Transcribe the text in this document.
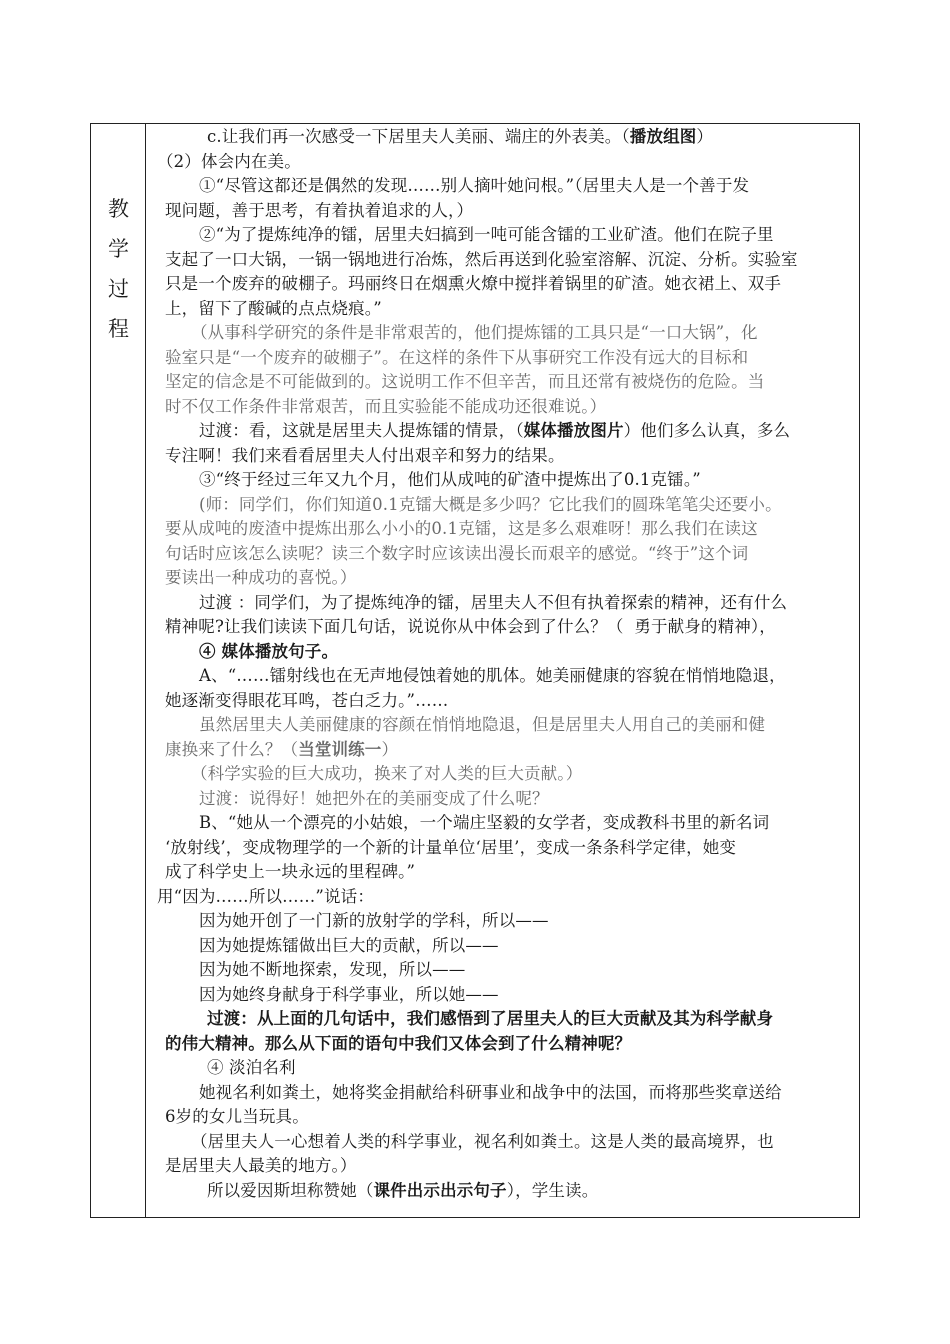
教
学
过
程
c.让我们再一次感受一下居里夫人美丽、端庄的外表美。（播放组图）
（2）体会内在美。
①“尽管这都还是偶然的发现……别人摘叶她问根。”（居里夫人是一个善于发
现问题，善于思考，有着执着追求的人，）
②“为了提炼纯净的镭，居里夫妇搞到一吨可能含镭的工业矿渣。他们在院子里
支起了一口大锅，一锅一锅地进行冶炼，然后再送到化验室溶解、沉淀、分析。实验室
只是一个废弃的破棚子。玛丽终日在烟熏火燎中搅拌着锅里的矿渣。她衣裙上、双手
上，留下了酸碱的点点烧痕。”
（从事科学研究的条件是非常艰苦的，他们提炼镭的工具只是“一口大锅”，化
验室只是“一个废弃的破棚子”。在这样的条件下从事研究工作没有远大的目标和
坚定的信念是不可能做到的。这说明工作不但辛苦，而且还常有被烧伤的危险。当
时不仅工作条件非常艰苦，而且实验能不能成功还很难说。）
过渡：看，这就是居里夫人提炼镭的情景，（媒体播放图片）他们多么认真，多么
专注啊！我们来看看居里夫人付出艰辛和努力的结果。
③“终于经过三年又九个月，他们从成吨的矿渣中提炼出了0.1克镭。”
(师：同学们，你们知道0.1克镭大概是多少吗？它比我们的圆珠笔笔尖还要小。
要从成吨的废渣中提炼出那么小小的0.1克镭，这是多么艰难呀！那么我们在读这
句话时应该怎么读呢？读三个数字时应该读出漫长而艰辛的感觉。“终于”这个词
要读出一种成功的喜悦。）
过渡 ：同学们，为了提炼纯净的镭，居里夫人不但有执着探索的精神，还有什么
精神呢?让我们读读下面几句话，说说你从中体会到了什么？（  勇于献身的精神），
④ 媒体播放句子。
A、“……镭射线也在无声地侵蚀着她的肌体。她美丽健康的容貌在悄悄地隐退，
她逐渐变得眼花耳鸣，苍白乏力。”……
虽然居里夫人美丽健康的容颜在悄悄地隐退，但是居里夫人用自己的美丽和健
康换来了什么？（当堂训练一）
（科学实验的巨大成功，换来了对人类的巨大贡献。）
过渡：说得好！她把外在的美丽变成了什么呢？
B、“她从一个漂亮的小姑娘，一个端庄坚毅的女学者，变成教科书里的新名词
‘放射线’，变成物理学的一个新的计量单位‘居里’，变成一条条科学定律，她变
成了科学史上一块永远的里程碑。”
用“因为……所以……”说话：
因为她开创了一门新的放射学的学科，所以——
因为她提炼镭做出巨大的贡献，所以——
因为她不断地探索，发现，所以——
因为她终身献身于科学事业，所以她——
过渡：从上面的几句话中，我们感悟到了居里夫人的巨大贡献及其为科学献身
的伟大精神。那么从下面的语句中我们又体会到了什么精神呢？
④ 淡泊名利
她视名利如粪土，她将奖金捐献给科研事业和战争中的法国，而将那些奖章送给
6岁的女儿当玩具。
（居里夫人一心想着人类的科学事业，视名利如粪土。这是人类的最高境界，也
是居里夫人最美的地方。）
所以爱因斯坦称赞她（课件出示出示句子），学生读。
